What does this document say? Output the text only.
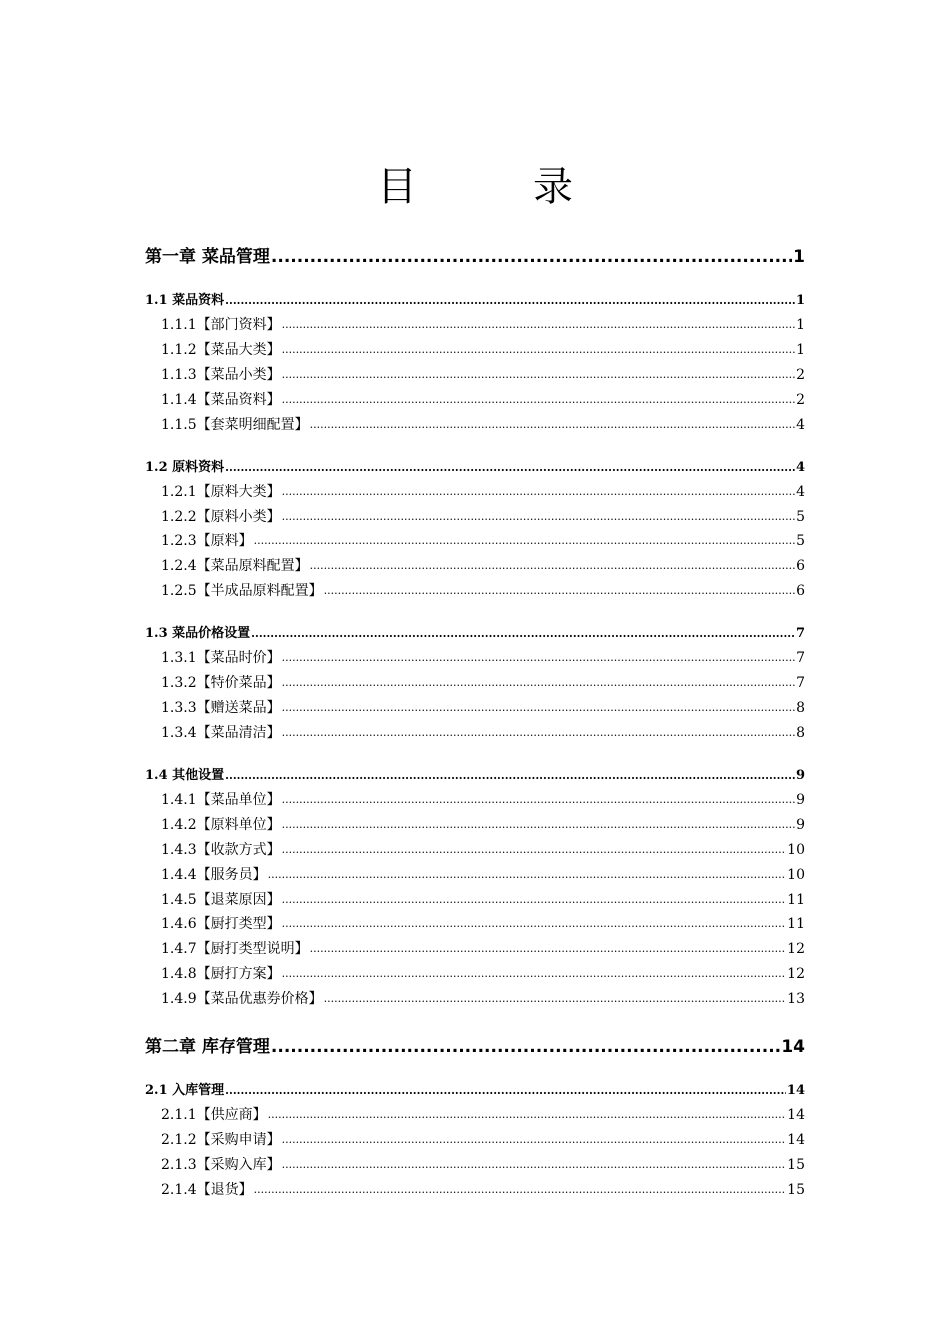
目　录
第一章 菜品管理 .....	1
1.1 菜品资料 .....	1
1.1.1【部门资料】 .....	1
1.1.2【菜品大类】 .....	1
1.1.3【菜品小类】 .....	2
1.1.4【菜品资料】 .....	2
1.1.5【套菜明细配置】 .....	4
1.2 原料资料 .....	4
1.2.1【原料大类】 .....	4
1.2.2【原料小类】 .....	5
1.2.3【原料】 .....	5
1.2.4【菜品原料配置】 .....	6
1.2.5【半成品原料配置】 .....	6
1.3 菜品价格设置 .....	7
1.3.1【菜品时价】 .....	7
1.3.2【特价菜品】 .....	7
1.3.3【赠送菜品】 .....	8
1.3.4【菜品清洁】 .....	8
1.4 其他设置 .....	9
1.4.1【菜品单位】 .....	9
1.4.2【原料单位】 .....	9
1.4.3【收款方式】 .....	10
1.4.4【服务员】 .....	10
1.4.5【退菜原因】 .....	11
1.4.6【厨打类型】 .....	11
1.4.7【厨打类型说明】 .....	12
1.4.8【厨打方案】 .....	12
1.4.9【菜品优惠券价格】 .....	13
第二章 库存管理 .....	14
2.1 入库管理 .....	14
2.1.1【供应商】 .....	14
2.1.2【采购申请】 .....	14
2.1.3【采购入库】 .....	15
2.1.4【退货】 .....	15
